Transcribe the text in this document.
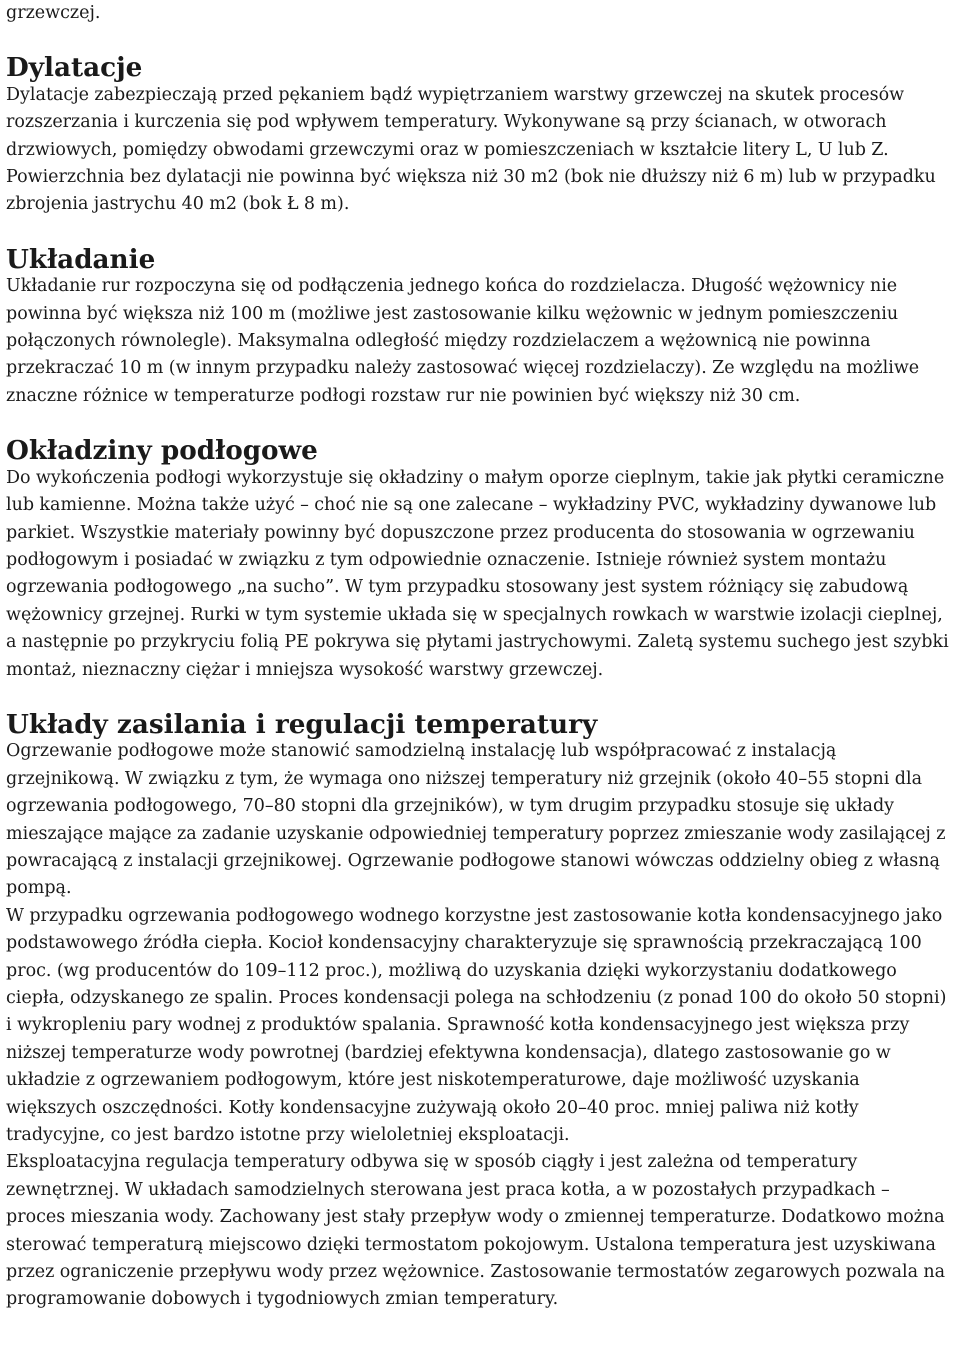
grzewczej.

Dylatacje

Dylatacje zabezpieczają przed pękaniem bądź wypiętrzaniem warstwy grzewczej na skutek procesów rozszerzania i kurczenia się pod wpływem temperatury. Wykonywane są przy ścianach, w otworach drzwiowych, pomiędzy obwodami grzewczymi oraz w pomieszczeniach w kształcie litery L, U lub Z. Powierzchnia bez dylatacji nie powinna być większa niż 30 m2 (bok nie dłuższy niż 6 m) lub w przypadku zbrojenia jastrychu 40 m2 (bok Ł 8 m).

Układanie

Układanie rur rozpoczyna się od podłączenia jednego końca do rozdzielacza. Długość wężownicy nie powinna być większa niż 100 m (możliwe jest zastosowanie kilku wężownic w jednym pomieszczeniu połączonych równolegle). Maksymalna odległość między rozdzielaczem a wężownicą nie powinna przekraczać 10 m (w innym przypadku należy zastosować więcej rozdzielaczy). Ze względu na możliwe znaczne różnice w temperaturze podłogi rozstaw rur nie powinien być większy niż 30 cm.

Okładziny podłogowe

Do wykończenia podłogi wykorzystuje się okładziny o małym oporze cieplnym, takie jak płytki ceramiczne lub kamienne. Można także użyć – choć nie są one zalecane – wykładziny PVC, wykładziny dywanowe lub parkiet. Wszystkie materiały powinny być dopuszczone przez producenta do stosowania w ogrzewaniu podłogowym i posiadać w związku z tym odpowiednie oznaczenie. Istnieje również system montażu ogrzewania podłogowego „na sucho”. W tym przypadku stosowany jest system różniący się zabudową wężownicy grzejnej. Rurki w tym systemie układa się w specjalnych rowkach w warstwie izolacji cieplnej, a następnie po przykryciu folią PE pokrywa się płytami jastrychowymi. Zaletą systemu suchego jest szybki montaż, nieznaczny ciężar i mniejsza wysokość warstwy grzewczej.

Układy zasilania i regulacji temperatury

Ogrzewanie podłogowe może stanowić samodzielną instalację lub współpracować z instalacją grzejnikową. W związku z tym, że wymaga ono niższej temperatury niż grzejnik (około 40–55 stopni dla ogrzewania podłogowego, 70–80 stopni dla grzejników), w tym drugim przypadku stosuje się układy mieszające mające za zadanie uzyskanie odpowiedniej temperatury poprzez zmieszanie wody zasilającej z powracającą z instalacji grzejnikowej. Ogrzewanie podłogowe stanowi wówczas oddzielny obieg z własną pompą.

W przypadku ogrzewania podłogowego wodnego korzystne jest zastosowanie kotła kondensacyjnego jako podstawowego źródła ciepła. Kocioł kondensacyjny charakteryzuje się sprawnością przekraczającą 100 proc. (wg producentów do 109–112 proc.), możliwą do uzyskania dzięki wykorzystaniu dodatkowego ciepła, odzyskanego ze spalin. Proces kondensacji polega na schłodzeniu (z ponad 100 do około 50 stopni) i wykropleniu pary wodnej z produktów spalania. Sprawność kotła kondensacyjnego jest większa przy niższej temperaturze wody powrotnej (bardziej efektywna kondensacja), dlatego zastosowanie go w układzie z ogrzewaniem podłogowym, które jest niskotemperaturowe, daje możliwość uzyskania większych oszczędności. Kotły kondensacyjne zużywają około 20–40 proc. mniej paliwa niż kotły tradycyjne, co jest bardzo istotne przy wieloletniej eksploatacji.

Eksploatacyjna regulacja temperatury odbywa się w sposób ciągły i jest zależna od temperatury zewnętrznej. W układach samodzielnych sterowana jest praca kotła, a w pozostałych przypadkach – proces mieszania wody. Zachowany jest stały przepływ wody o zmiennej temperaturze. Dodatkowo można sterować temperaturą miejscowo dzięki termostatom pokojowym. Ustalona temperatura jest uzyskiwana przez ograniczenie przepływu wody przez wężownice. Zastosowanie termostatów zegarowych pozwala na programowanie dobowych i tygodniowych zmian temperatury.
